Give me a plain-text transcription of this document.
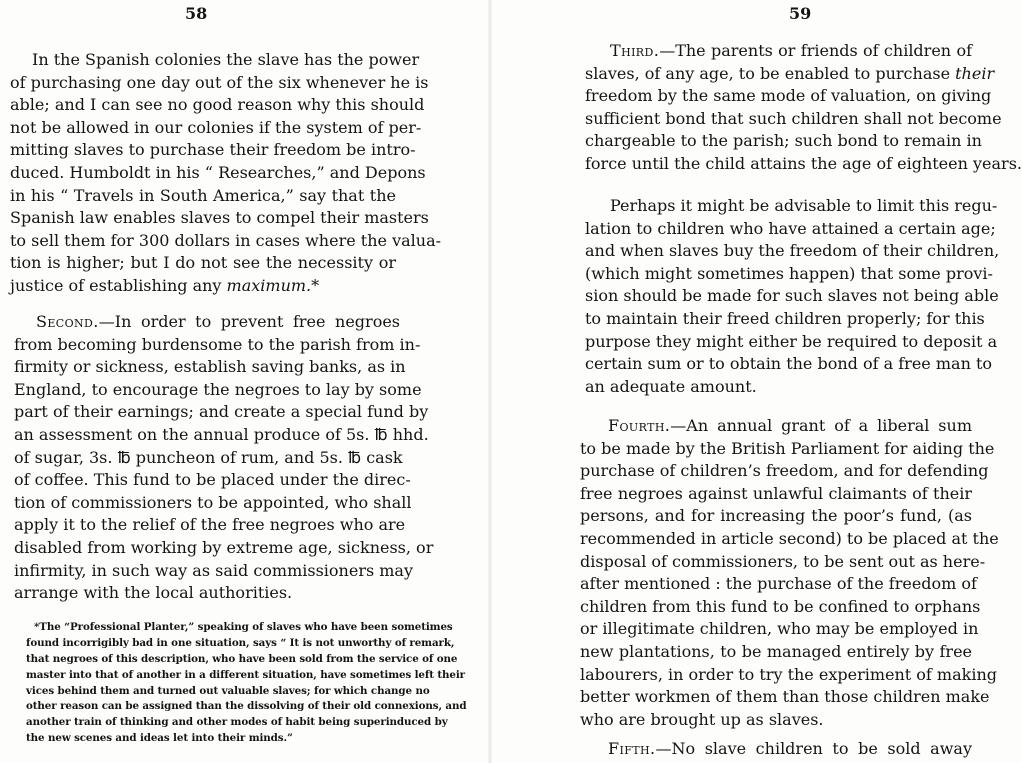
58

In the Spanish colonies the slave has the power
of purchasing one day out of the six whenever he is
able; and I can see no good reason why this should
not be allowed in our colonies if the system of per-
mitting slaves to purchase their freedom be intro-
duced. Humboldt in his “ Researches,” and Depons
in his “ Travels in South America,” say that the
Spanish law enables slaves to compel their masters
to sell them for 300 dollars in cases where the valua-
tion is higher; but I do not see the necessity or
justice of establishing any maximum.*
Second.—In order to prevent free negroes
from becoming burdensome to the parish from in-
firmity or sickness, establish saving banks, as in
England, to encourage the negroes to lay by some
part of their earnings; and create a special fund by
an assessment on the annual produce of 5s. ℔ hhd.
of sugar, 3s. ℔ puncheon of rum, and 5s. ℔ cask
of coffee. This fund to be placed under the direc-
tion of commissioners to be appointed, who shall
apply it to the relief of the free negroes who are
disabled from working by extreme age, sickness, or
infirmity, in such way as said commissioners may
arrange with the local authorities.
*The “Professional Planter,” speaking of slaves who have been sometimes
found incorrigibly bad in one situation, says “ It is not unworthy of remark,
that negroes of this description, who have been sold from the service of one
master into that of another in a different situation, have sometimes left their
vices behind them and turned out valuable slaves; for which change no
other reason can be assigned than the dissolving of their old connexions, and
another train of thinking and other modes of habit being superinduced by
the new scenes and ideas let into their minds.”

59

Third.—The parents or friends of children of
slaves, of any age, to be enabled to purchase their
freedom by the same mode of valuation, on giving
sufficient bond that such children shall not become
chargeable to the parish; such bond to remain in
force until the child attains the age of eighteen years.
Perhaps it might be advisable to limit this regu-
lation to children who have attained a certain age;
and when slaves buy the freedom of their children,
(which might sometimes happen) that some provi-
sion should be made for such slaves not being able
to maintain their freed children properly; for this
purpose they might either be required to deposit a
certain sum or to obtain the bond of a free man to
an adequate amount.
Fourth.—An annual grant of a liberal sum
to be made by the British Parliament for aiding the
purchase of children’s freedom, and for defending
free negroes against unlawful claimants of their
persons, and for increasing the poor’s fund, (as
recommended in article second) to be placed at the
disposal of commissioners, to be sent out as here-
after mentioned : the purchase of the freedom of
children from this fund to be confined to orphans
or illegitimate children, who may be employed in
new plantations, to be managed entirely by free
labourers, in order to try the experiment of making
better workmen of them than those children make
who are brought up as slaves.
Fifth.—No slave children to be sold away
